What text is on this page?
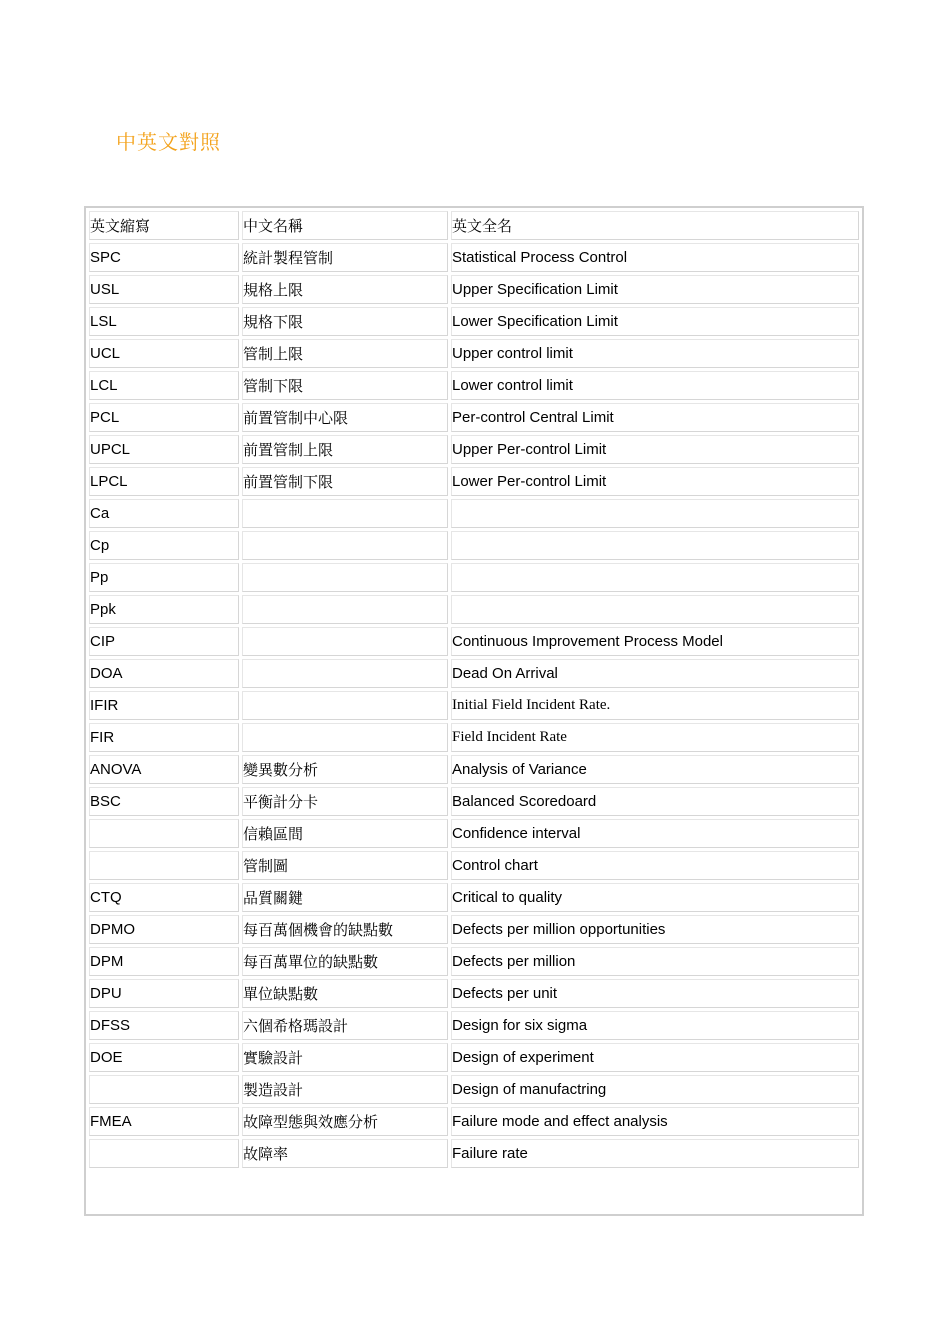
中英文對照
英文縮寫	中文名稱	英文全名
SPC	統計製程管制	Statistical Process Control
USL	規格上限	Upper Specification Limit
LSL	規格下限	Lower Specification Limit
UCL	管制上限	Upper control limit
LCL	管制下限	Lower control limit
PCL	前置管制中心限	Per-control Central Limit
UPCL	前置管制上限	Upper Per-control Limit
LPCL	前置管制下限	Lower Per-control Limit
Ca		
Cp		
Pp		
Ppk		
CIP		Continuous Improvement Process Model
DOA		Dead On Arrival
IFIR		Initial Field Incident Rate.
FIR		Field Incident Rate
ANOVA	變異數分析	Analysis of Variance
BSC	平衡計分卡	Balanced Scoredoard
	信賴區間	Confidence interval
	管制圖	Control chart
CTQ	品質關鍵	Critical to quality
DPMO	每百萬個機會的缺點數	Defects per million opportunities
DPM	每百萬單位的缺點數	Defects per million
DPU	單位缺點數	Defects per unit
DFSS	六個希格瑪設計	Design for six sigma
DOE	實驗設計	Design of experiment
	製造設計	Design of manufactring
FMEA	故障型態與效應分析	Failure mode and effect analysis
	故障率	Failure rate
